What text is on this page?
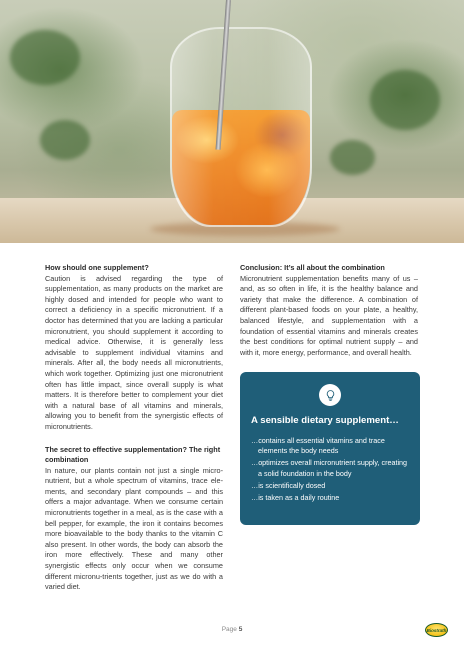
How should one supplement?

Caution is advised regarding the type of supplementation, as many products on the market are highly dosed and intended for people who want to correct a deficiency in a specific micronutrient. If a doctor has determined that you are lacking a particular micronutrient, you should supplement it according to medical advice. Otherwise, it is generally less advisable to supplement individual vitamins and minerals. After all, the body needs all micronutrients, which work together. Optimizing just one micronutrient often has little impact, since overall supply is what matters. It is therefore better to complement your diet with a natural base of all vitamins and minerals, allowing you to benefit from the synergistic effects of micronutrients.

The secret to effective supplementation? The right combination

In nature, our plants contain not just a single micro-nutrient, but a whole spectrum of vitamins, trace ele-ments, and secondary plant compounds – and this offers a major advantage. When we consume certain micronutrients together in a meal, as is the case with a bell pepper, for example, the iron it contains becomes more bioavailable to the body thanks to the vitamin C also present. In other words, the body can absorb the iron more effectively. These and many other synergistic effects only occur when we consume different micronu-trients together, just as we do with a varied diet.

Conclusion: It’s all about the combination

Micronutrient supplementation benefits many of us – and, as so often in life, it is the healthy balance and variety that make the difference. A combination of different plant-based foods on your plate, a healthy, balanced lifestyle, and supplementation with a foundation of essential vitamins and minerals creates the best conditions for optimal nutrient supply – and with it, more energy, performance, and overall health.

A sensible dietary supplement…
…contains all essential vitamins and trace elements the body needs
…optimizes overall micronutrient supply, creating a solid foundation in the body
…is scientifically dosed
…is taken as a daily routine
Page 5	Biostrath
